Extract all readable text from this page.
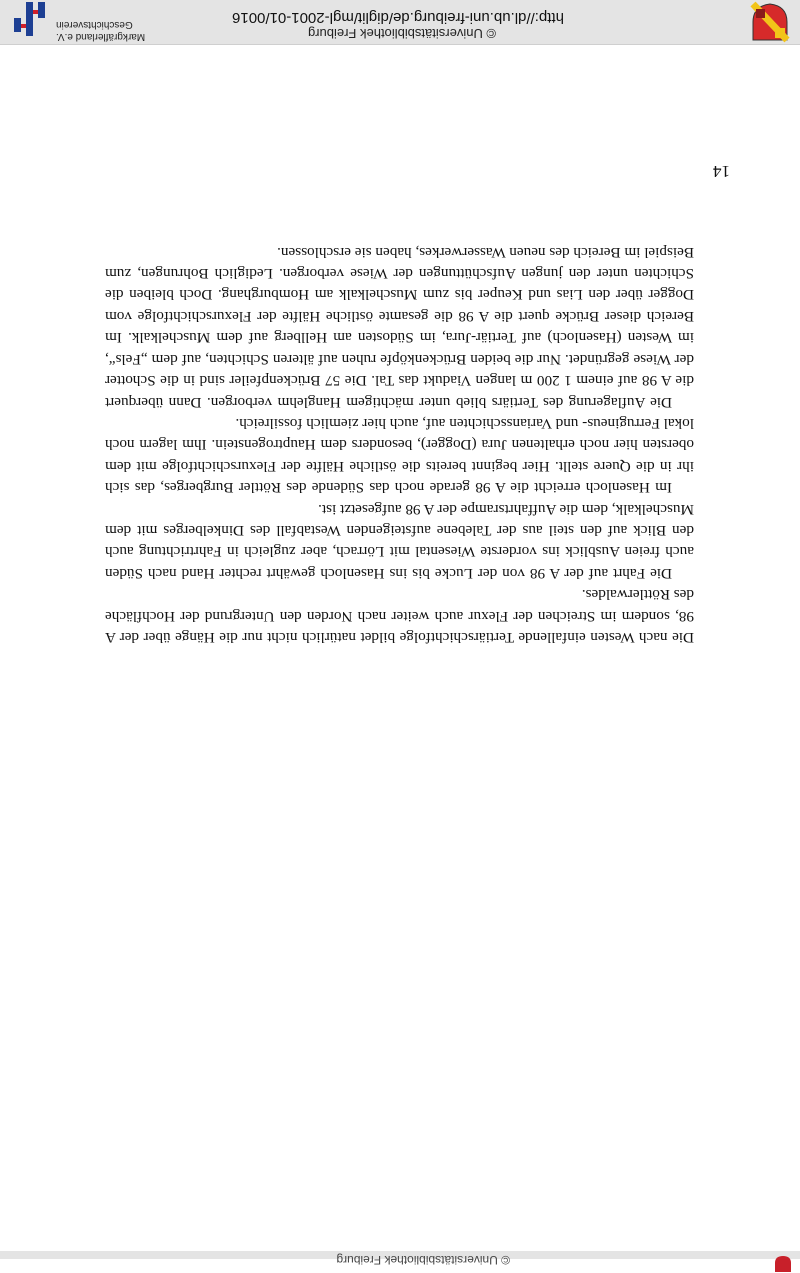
© Universitätsbibliothek Freiburg

Die nach Westen einfallende Tertiärschichtfolge bildet natürlich nicht nur die Hänge über der A 98, sondern im Streichen der Flexur auch weiter nach Norden den Untergrund der Hochfläche des Röttlerwaldes.

Die Fahrt auf der A 98 von der Lucke bis ins Hasenloch gewährt rechter Hand nach Süden auch freien Ausblick ins vorderste Wiesental mit Lörrach, aber zugleich in Fahrtrichtung auch den Blick auf den steil aus der Talebene aufsteigenden Westabfall des Dinkelberges mit dem Muschelkalk, dem die Auffahrtsrampe der A 98 aufgesetzt ist.

Im Hasenloch erreicht die A 98 gerade noch das Südende des Röttler Burgberges, das sich ihr in die Quere stellt. Hier beginnt bereits die östliche Hälfte der Flexurschichtfolge mit dem obersten hier noch erhaltenen Jura (Dogger), besonders dem Hauptrogenstein. Ihm lagern noch lokal Ferrugineus- und Variansschichten auf, auch hier ziemlich fossilreich.

Die Auflagerung des Tertiärs blieb unter mächtigem Hanglehm verborgen. Dann überquert die A 98 auf einem 1 200 m langen Viadukt das Tal. Die 57 Brückenpfeiler sind in die Schotter der Wiese gegründet. Nur die beiden Brückenköpfe ruhen auf älteren Schichten, auf dem „Fels“, im Westen (Hasenloch) auf Tertiär-Jura, im Südosten am Hellberg auf dem Muschelkalk. Im Bereich dieser Brücke quert die A 98 die gesamte östliche Hälfte der Flexurschichtfolge vom Dogger über den Lias und Keuper bis zum Muschelkalk am Homburghang. Doch bleiben die Schichten unter den jungen Aufschüttungen der Wiese verborgen. Lediglich Bohrungen, zum Beispiel im Bereich des neuen Wasserwerkes, haben sie erschlossen.

14
Markgräflerland e.V.
Geschichtsverein
© Universitätsbibliothek Freiburg
http://dl.ub.uni-freiburg.de/diglit/mgl-2001-01/0016
